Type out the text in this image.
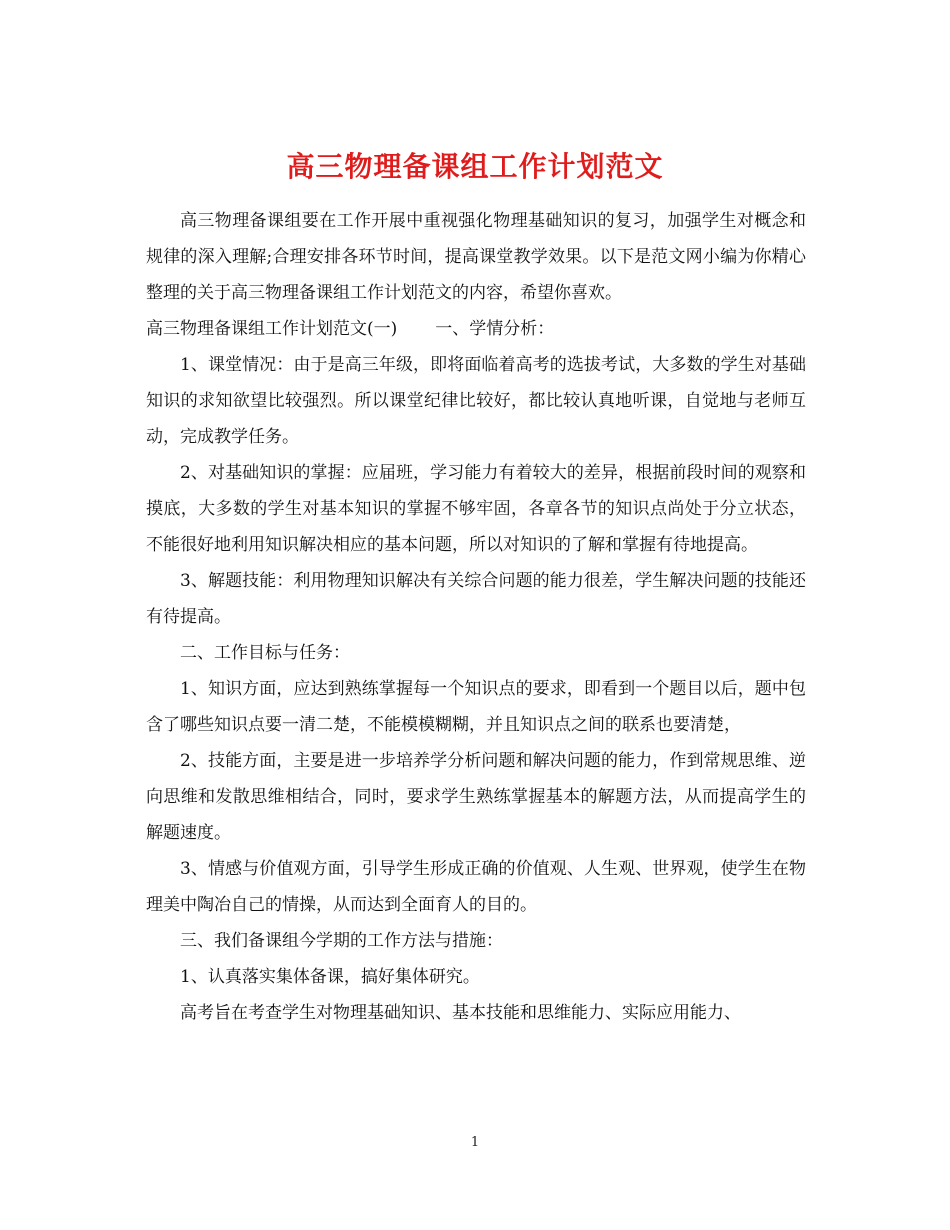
高三物理备课组工作计划范文

高三物理备课组要在工作开展中重视强化物理基础知识的复习，加强学生对概念和规律的深入理解;合理安排各环节时间，提高课堂教学效果。以下是范文网小编为你精心整理的关于高三物理备课组工作计划范文的内容，希望你喜欢。

高三物理备课组工作计划范文(一) 一、学情分析：

1、课堂情况：由于是高三年级，即将面临着高考的选拔考试，大多数的学生对基础知识的求知欲望比较强烈。所以课堂纪律比较好，都比较认真地听课，自觉地与老师互动，完成教学任务。

2、对基础知识的掌握：应届班，学习能力有着较大的差异，根据前段时间的观察和摸底，大多数的学生对基本知识的掌握不够牢固，各章各节的知识点尚处于分立状态，不能很好地利用知识解决相应的基本问题，所以对知识的了解和掌握有待地提高。

3、解题技能：利用物理知识解决有关综合问题的能力很差，学生解决问题的技能还有待提高。

二、工作目标与任务：

1、知识方面，应达到熟练掌握每一个知识点的要求，即看到一个题目以后，题中包含了哪些知识点要一清二楚，不能模模糊糊，并且知识点之间的联系也要清楚，

2、技能方面，主要是进一步培养学分析问题和解决问题的能力，作到常规思维、逆向思维和发散思维相结合，同时，要求学生熟练掌握基本的解题方法，从而提高学生的解题速度。

3、情感与价值观方面，引导学生形成正确的价值观、人生观、世界观，使学生在物理美中陶冶自己的情操，从而达到全面育人的目的。

三、我们备课组今学期的工作方法与措施：

1、认真落实集体备课，搞好集体研究。

高考旨在考查学生对物理基础知识、基本技能和思维能力、实际应用能力、

1
